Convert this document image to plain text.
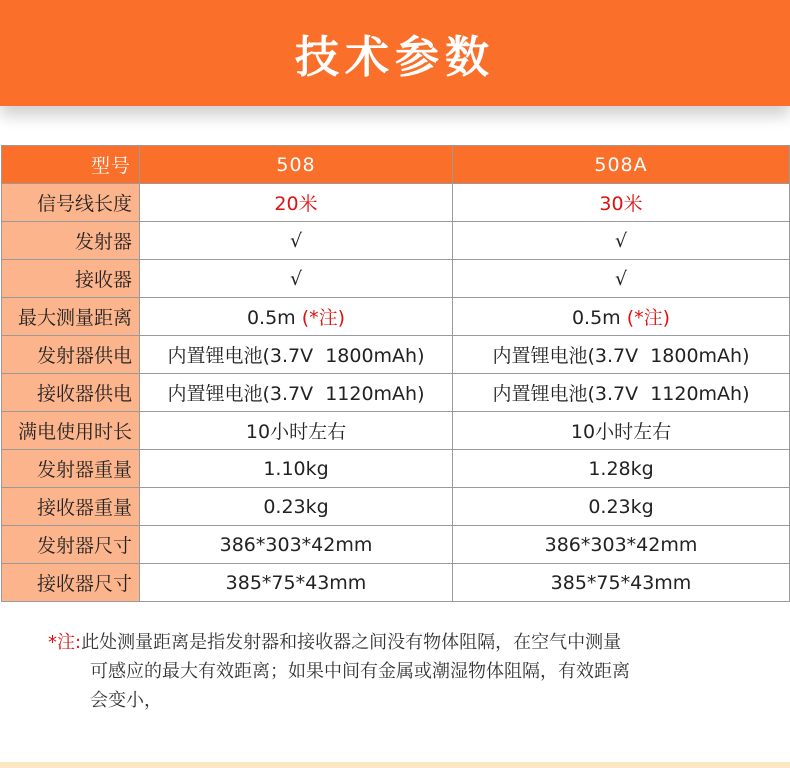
技术参数
型号	508	508A
信号线长度	20米	30米
发射器	√	√
接收器	√	√
最大测量距离	0.5m (*注)	0.5m (*注)
发射器供电	内置锂电池(3.7V  1800mAh)	内置锂电池(3.7V  1800mAh)
接收器供电	内置锂电池(3.7V  1120mAh)	内置锂电池(3.7V  1120mAh)
满电使用时长	10小时左右	10小时左右
发射器重量	1.10kg	1.28kg
接收器重量	0.23kg	0.23kg
发射器尺寸	386*303*42mm	386*303*42mm
接收器尺寸	385*75*43mm	385*75*43mm
*注:此处测量距离是指发射器和接收器之间没有物体阻隔，在空气中测量
可感应的最大有效距离；如果中间有金属或潮湿物体阻隔，有效距离
会变小，
